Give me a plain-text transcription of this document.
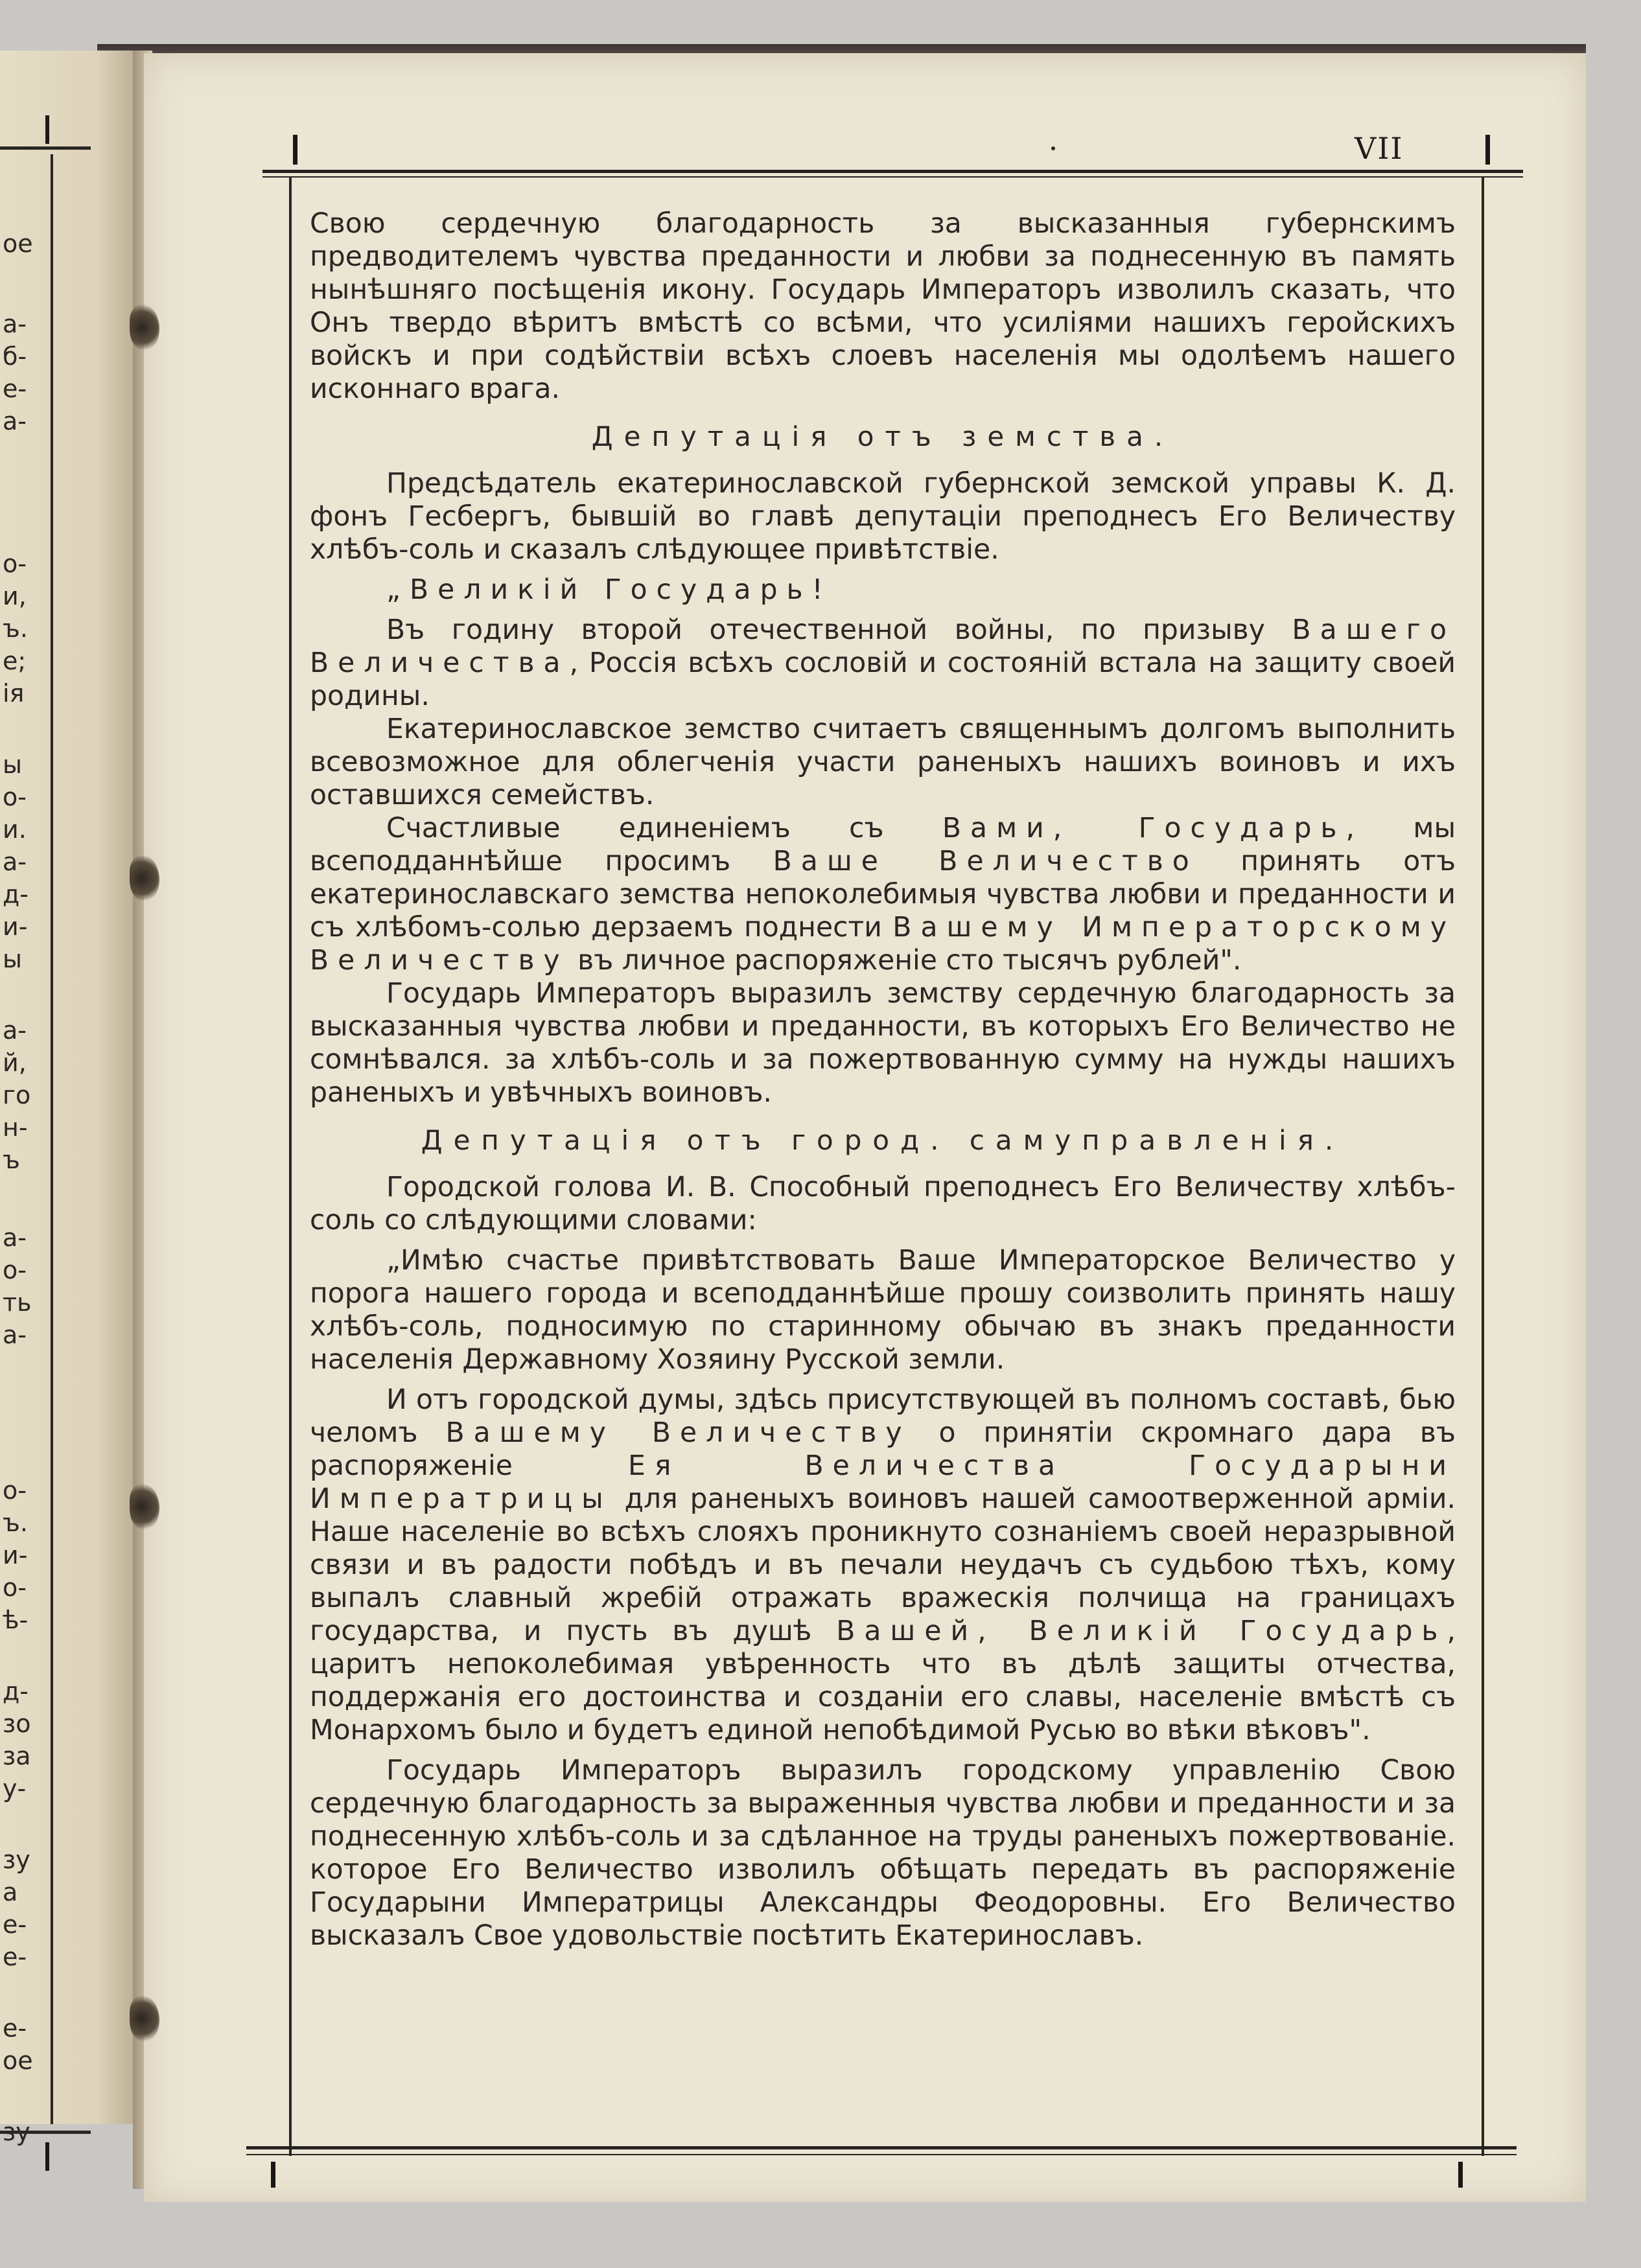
ое
а-
б-
е-
а-
о-
и,
ъ.
е;
ія
ы
о-
и.
а-
д-
и-
ы
а-
й,
го
н-
ъ
а-
о-
ть
а-
о-
ъ.
и-
о-
ѣ-
д-
зо
за
у-
зу
а
е-
е-
е-
ое
зу
VII

Свою сердечную благодарность за высказанныя губернскимъ предводителемъ чувства преданности и любви за поднесенную въ память нынѣшняго посѣщенія икону. Государь Императоръ изволилъ сказать, что Онъ твердо вѣритъ вмѣстѣ со всѣми, что усиліями нашихъ геройскихъ войскъ и при содѣйствіи всѣхъ слоевъ населенія мы одолѣемъ нашего исконнаго врага.

Депутація отъ земства.

Предсѣдатель екатеринославской губернской земской управы К. Д. фонъ Гесбергъ, бывшій во главѣ депутаціи преподнесъ Его Величеству хлѣбъ-соль и сказалъ слѣдующее привѣтствіе.

„Великій Государь!

Въ годину второй отечественной войны, по призыву Вашего Величества, Россія всѣхъ сословій и состояній встала на защиту своей родины.

Екатеринославское земство считаетъ священнымъ долгомъ выполнить всевозможное для облегченія участи раненыхъ нашихъ воиновъ и ихъ оставшихся семействъ.

Счастливые единеніемъ съ Вами, Государь, мы всеподданнѣйше просимъ Ваше Величество принять отъ екатеринославскаго земства непоколебимыя чувства любви и преданности и съ хлѣбомъ-солью дерзаемъ поднести Вашему Императорскому Величеству въ личное распоряженіе сто тысячъ рублей".

Государь Императоръ выразилъ земству сердечную благодарность за высказанныя чувства любви и преданности, въ которыхъ Его Величество не сомнѣвался. за хлѣбъ-соль и за пожертвованную сумму на нужды нашихъ раненыхъ и увѣчныхъ воиновъ.

Депутація отъ город. самуправленія.

Городской голова И. В. Способный преподнесъ Его Величеству хлѣбъ-соль со слѣдующими словами:

„Имѣю счастье привѣтствовать Ваше Императорское Величество у порога нашего города и всеподданнѣйше прошу соизволить принять нашу хлѣбъ-соль, подносимую по старинному обычаю въ знакъ преданности населенія Державному Хозяину Русской земли.

И отъ городской думы, здѣсь присутствующей въ полномъ составѣ, бью челомъ Вашему Величеству о принятіи скромнаго дара въ распоряженіе Ея Величества Государыни Императрицы для раненыхъ воиновъ нашей самоотверженной арміи. Наше населеніе во всѣхъ слояхъ проникнуто сознаніемъ своей неразрывной связи и въ радости побѣдъ и въ печали неудачъ съ судьбою тѣхъ, кому выпалъ славный жребій отражать вражескія полчища на границахъ государства, и пусть въ душѣ Вашей, Великій Государь, царитъ непоколебимая увѣренность что въ дѣлѣ защиты отчества, поддержанія его достоинства и созданіи его славы, населеніе вмѣстѣ съ Монархомъ было и будетъ единой непобѣдимой Русью во вѣки вѣковъ".

Государь Императоръ выразилъ городскому управленію Свою сердечную благодарность за выраженныя чувства любви и преданности и за поднесенную хлѣбъ-соль и за сдѣланное на труды раненыхъ пожертвованіе. которое Его Величество изволилъ обѣщать передать въ распоряженіе Государыни Императрицы Александры Феодоровны. Его Величество высказалъ Свое удовольствіе посѣтить Екатеринославъ.
